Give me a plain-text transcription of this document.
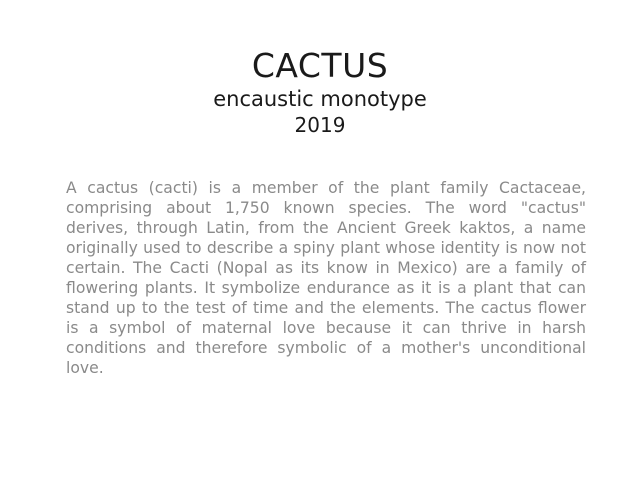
CACTUS
encaustic monotype
2019

A cactus (cacti) is a member of the plant family Cactaceae, comprising about 1,750 known species. The word "cactus" derives, through Latin, from the Ancient Greek kaktos, a name originally used to describe a spiny plant whose identity is now not certain. The Cacti (Nopal as its know in Mexico) are a family of flowering plants. It symbolize endurance as it is a plant that can stand up to the test of time and the elements. The cactus flower is a symbol of maternal love because it can thrive in harsh conditions and therefore symbolic of a mother's unconditional love.
